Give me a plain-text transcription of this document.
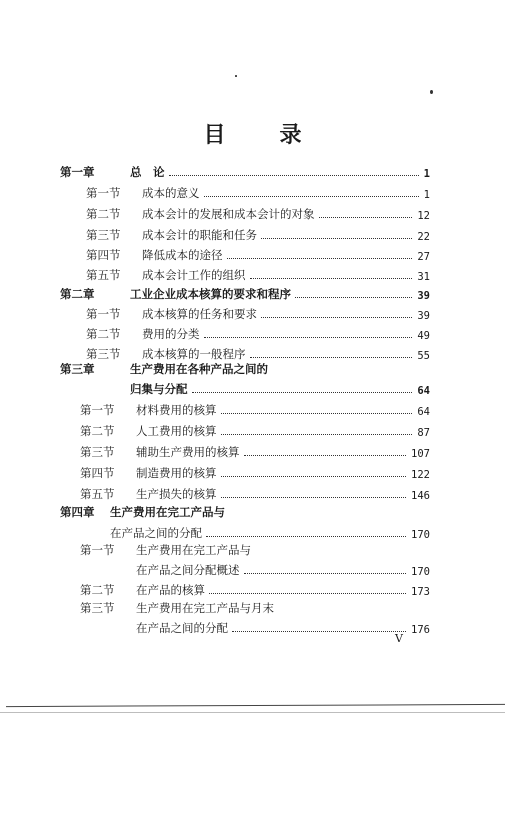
目 录
第一章	总　论	1
第一节	成本的意义	1
第二节	成本会计的发展和成本会计的对象	12
第三节	成本会计的职能和任务	22
第四节	降低成本的途径	27
第五节	成本会计工作的组织	31
第二章	工业企业成本核算的要求和程序	39
第一节	成本核算的任务和要求	39
第二节	费用的分类	49
第三节	成本核算的一般程序	55
第三章	生产费用在各种产品之间的
归集与分配	64
第一节	材料费用的核算	64
第二节	人工费用的核算	87
第三节	辅助生产费用的核算	107
第四节	制造费用的核算	122
第五节	生产损失的核算	146
第四章	生产费用在完工产品与
在产品之间的分配	170
第一节	生产费用在完工产品与
在产品之间分配概述	170
第二节	在产品的核算	173
第三节	生产费用在完工产品与月末
在产品之间的分配	176
V
